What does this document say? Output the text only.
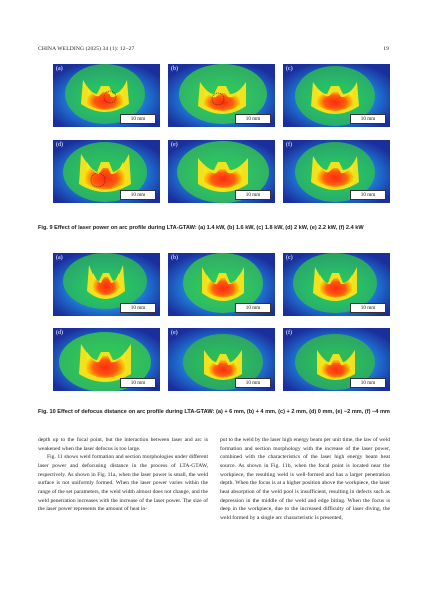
CHINA WELDING (2025) 34 (1): 12–27	19
(a)
10 mm
(b)
10 mm
(c)
10 mm
(d)
10 mm
(e)
10 mm
(f)
10 mm
Fig. 9 Effect of laser power on arc profile during LTA-GTAW: (a) 1.4 kW, (b) 1.6 kW, (c) 1.8 kW, (d) 2 kW, (e) 2.2 kW, (f) 2.4 kW
(a)
10 mm
(b)
10 mm
(c)
10 mm
(d)
10 mm
(e)
10 mm
(f)
10 mm
Fig. 10 Effect of defocus distance on arc profile during LTA-GTAW: (a) + 6 mm, (b) + 4 mm, (c) + 2 mm, (d) 0 mm, (e) −2 mm, (f) −4 mm

depth up to the focal point, but the interaction between laser and arc is weakened when the laser defocus is too large.

Fig. 11 shows weld formation and section morphologies under different laser power and defocusing distance in the process of LTA-GTAW, respectively. As shown in Fig. 11a, when the laser power is small, the weld surface is not uniformly formed. When the laser power varies within the range of the set parameters, the weld width almost does not change, and the weld penetration increases with the increase of the laser power. The size of the laser power represents the amount of heat in-

put to the weld by the laser high energy beam per unit time, the law of weld formation and section morphology with the increase of the laser power, combined with the characteristics of the laser high energy beam heat source. As shown in Fig. 11b, when the focal point is located near the workpiece, the resulting weld is well-formed and has a larger penetration depth. When the focus is at a higher position above the workpiece, the laser heat absorption of the weld pool is insufficient, resulting in defects such as depression in the middle of the weld and edge biting. When the focus is deep in the workpiece, due to the increased difficulty of laser diving, the weld formed by a single arc characteristic is presented,
